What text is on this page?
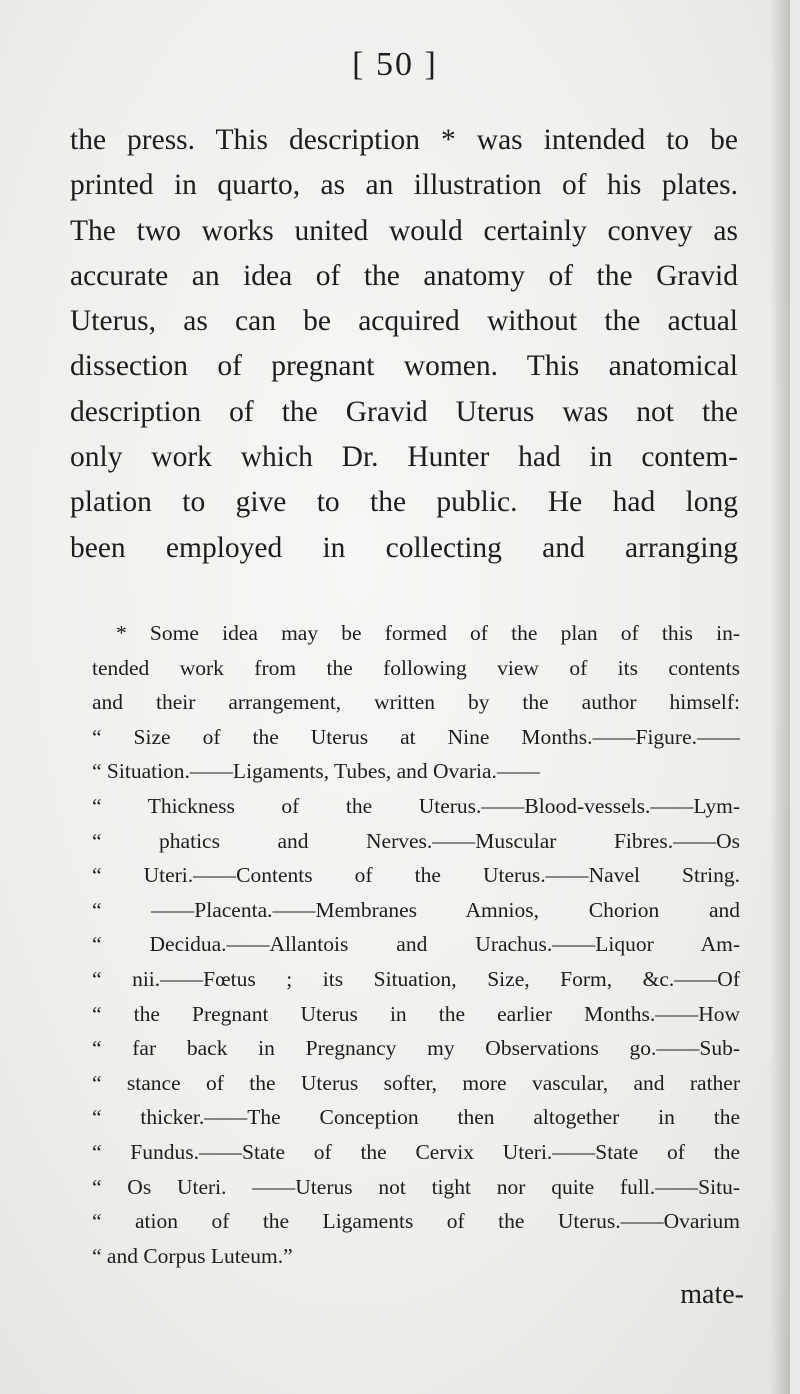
[ 50 ]
the press. This description * was intended to be
printed in quarto, as an illustration of his plates.
The two works united would certainly convey as
accurate an idea of the anatomy of the Gravid
Uterus, as can be acquired without the actual
dissection of pregnant women. This anatomical
description of the Gravid Uterus was not the
only work which Dr. Hunter had in contem-
plation to give to the public. He had long
been employed in collecting and arranging
* Some idea may be formed of the plan of this in-
tended work from the following view of its contents
and their arrangement, written by the author himself:
“ Size of the Uterus at Nine Months.——Figure.——
“ Situation.——Ligaments, Tubes, and Ovaria.——
“ Thickness of the Uterus.——Blood-vessels.——Lym-
“ phatics and Nerves.——Muscular Fibres.——Os
“ Uteri.——Contents of the Uterus.——Navel String.
“ ——Placenta.——Membranes Amnios, Chorion and
“ Decidua.——Allantois and Urachus.——Liquor Am-
“ nii.——Fœtus ; its Situation, Size, Form, &c.——Of
“ the Pregnant Uterus in the earlier Months.——How
“ far back in Pregnancy my Observations go.——Sub-
“ stance of the Uterus softer, more vascular, and rather
“ thicker.——The Conception then altogether in the
“ Fundus.——State of the Cervix Uteri.——State of the
“ Os Uteri. ——Uterus not tight nor quite full.——Situ-
“ ation of the Ligaments of the Uterus.——Ovarium
“ and Corpus Luteum.”
mate-
